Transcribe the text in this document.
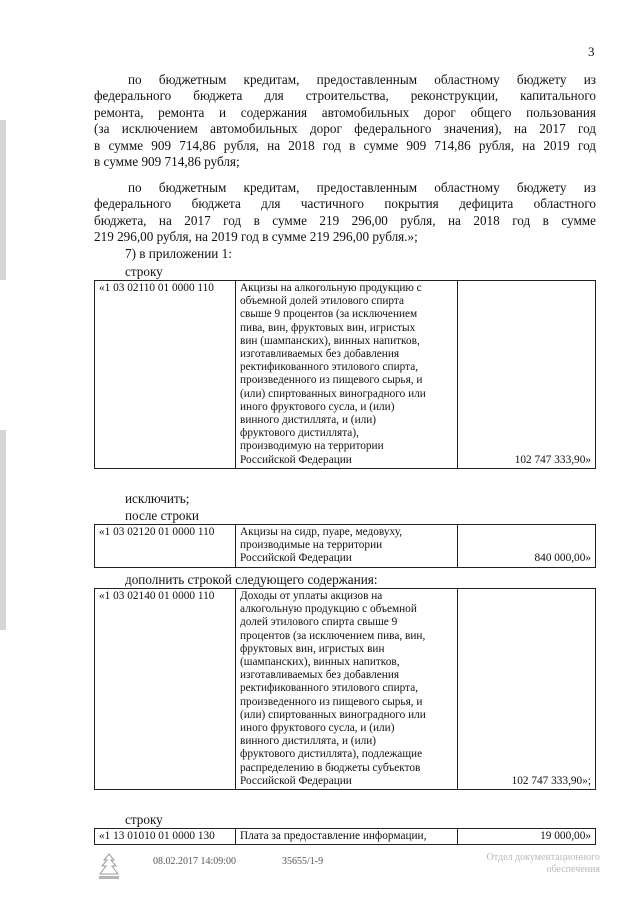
3
по бюджетным кредитам, предоставленным областному бюджету из
федерального бюджета для строительства, реконструкции, капитального
ремонта, ремонта и содержания автомобильных дорог общего пользования
(за исключением автомобильных дорог федерального значения), на 2017 год
в сумме 909 714,86 рубля, на 2018 год в сумме 909 714,86 рубля, на 2019 год
в сумме 909 714,86 рубля;
по бюджетным кредитам, предоставленным областному бюджету из
федерального бюджета для частичного покрытия дефицита областного
бюджета, на 2017 год в сумме 219 296,00 рубля, на 2018 год в сумме
219 296,00 рубля, на 2019 год в сумме 219 296,00 рубля.»;
7) в приложении 1:
строку
«1 03 02110 01 0000 110	Акцизы на алкогольную продукцию с
объемной долей этилового спирта
свыше 9 процентов (за исключением
пива, вин, фруктовых вин, игристых
вин (шампанских), винных напитков,
изготавливаемых без добавления
ректификованного этилового спирта,
произведенного из пищевого сырья, и
(или) спиртованных виноградного или
иного фруктового сусла, и (или)
винного дистиллята, и (или)
фруктового дистиллята),
производимую на территории
Российской Федерации	102 747 333,90»
исключить;
после строки
«1 03 02120 01 0000 110	Акцизы на сидр, пуаре, медовуху,
производимые на территории
Российской Федерации	840 000,00»
дополнить строкой следующего содержания:
«1 03 02140 01 0000 110	Доходы от уплаты акцизов на
алкогольную продукцию с объемной
долей этилового спирта свыше 9
процентов (за исключением пива, вин,
фруктовых вин, игристых вин
(шампанских), винных напитков,
изготавливаемых без добавления
ректификованного этилового спирта,
произведенного из пищевого сырья, и
(или) спиртованных виноградного или
иного фруктового сусла, и (или)
винного дистиллята, и (или)
фруктового дистиллята), подлежащие
распределению в бюджеты субъектов
Российской Федерации	102 747 333,90»;
строку
«1 13 01010 01 0000 130	Плата за предоставление информации,	19 000,00»
08.02.2017 14:09:00	35655/1-9	Отдел документационного
обеспечения
